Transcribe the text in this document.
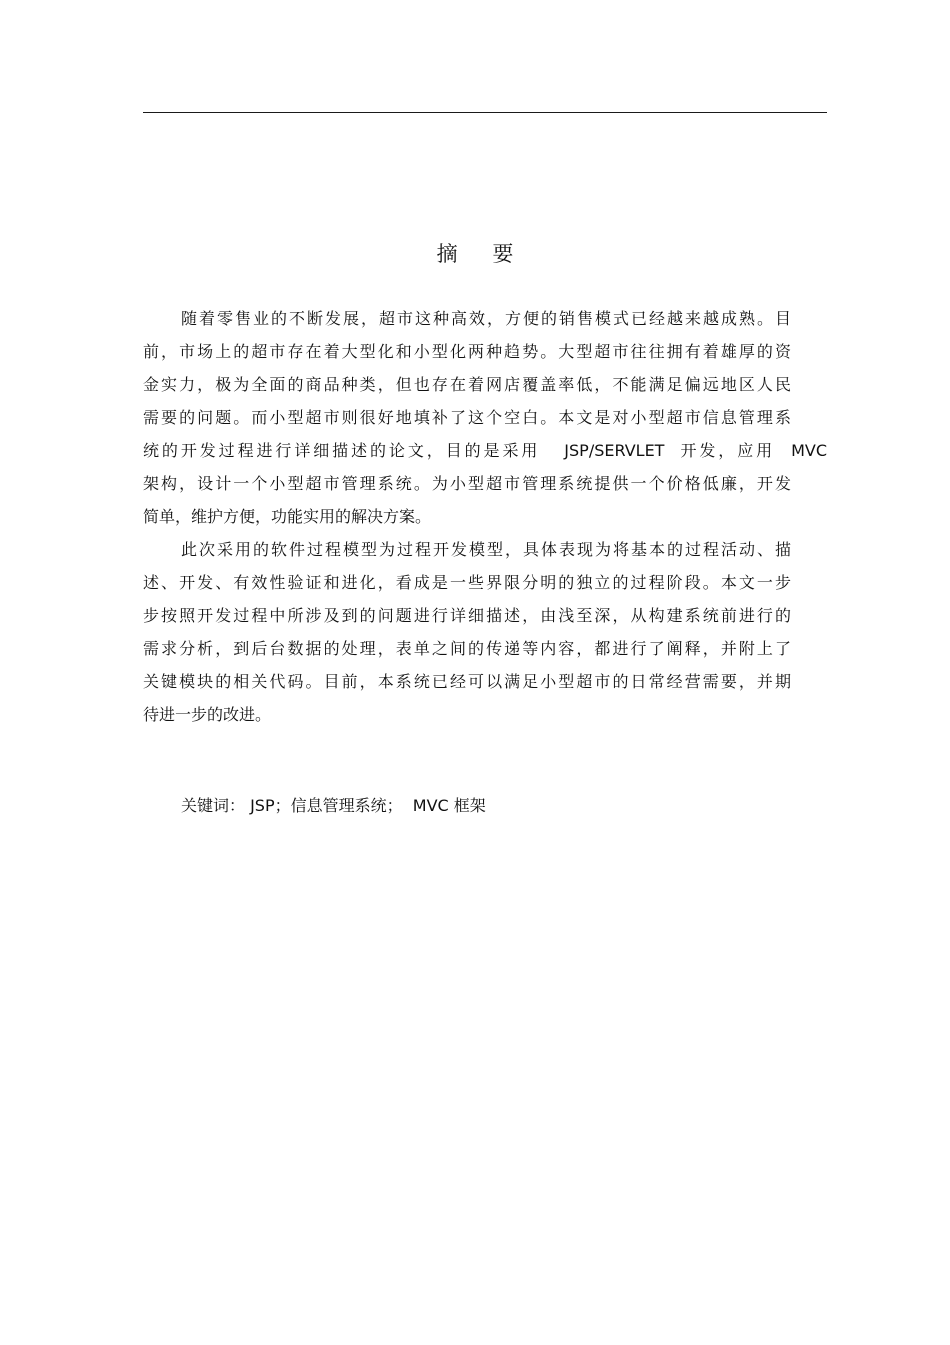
摘 要
随着零售业的不断发展，超市这种高效，方便的销售模式已经越来越成熟。目
前，市场上的超市存在着大型化和小型化两种趋势。大型超市往往拥有着雄厚的资
金实力，极为全面的商品种类，但也存在着网店覆盖率低，不能满足偏远地区人民
需要的问题。而小型超市则很好地填补了这个空白。本文是对小型超市信息管理系
统的开发过程进行详细描述的论文，目的是采用   JSP/SERVLET  开发，应用  MVC
架构，设计一个小型超市管理系统。为小型超市管理系统提供一个价格低廉，开发
简单，维护方便，功能实用的解决方案。
此次采用的软件过程模型为过程开发模型，具体表现为将基本的过程活动、描
述、开发、有效性验证和进化，看成是一些界限分明的独立的过程阶段。本文一步
步按照开发过程中所涉及到的问题进行详细描述，由浅至深，从构建系统前进行的
需求分析，到后台数据的处理，表单之间的传递等内容，都进行了阐释，并附上了
关键模块的相关代码。目前，本系统已经可以满足小型超市的日常经营需要，并期
待进一步的改进。
关键词： JSP；信息管理系统；  MVC 框架
